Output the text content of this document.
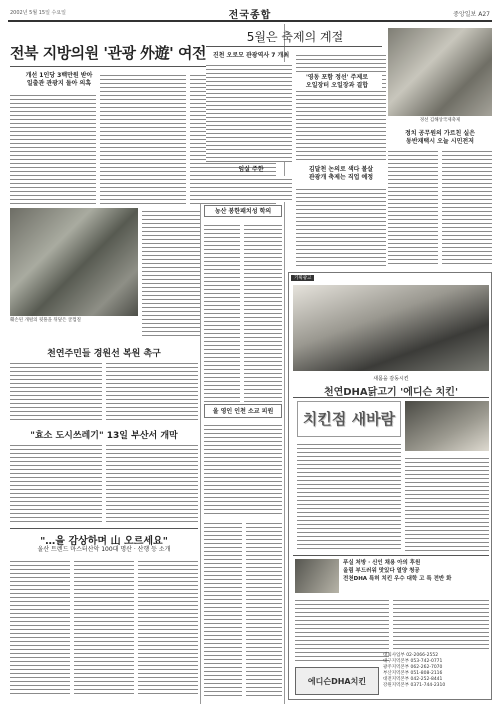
2002년 5월 15일 수요일	전국종합	중앙일보 A27
전북 지방의원 '관광 外遊' 여전
개선 1인당 3백만원 받아
일출관 관광지 돌아 의혹
훼손된 개펄의 뒷풀을 뒤덮은 굴껍질
천연주민들 경원선 복원 촉구
"효소 도시쓰레기" 13일 부산서 개막
"…을 감상하며 山 오르세요"
울산 트렌드 마스터산악 100대 명산 · 산행 등 소개
농산 봉한패치성 학의
울 영인 인천 소교 피원
5월은 축제의 계절
진천 오로모 관광역사 7 개최
'영동 포함 정선' 주제로
오일장터 오일장과 결합
임실 주한	김달천 논의로 색다 볼살
관광개 축제는 직업 예정
경선 김해상국제축제
정치 공무원의 가르친 실은
동반재택시 오늘 시민전저
기획광고
새몸을 감동시킨
천연DHA닭고기 '에디슨 치킨'
치킨점 새바람
푸실 처방 · 신인 채용 아의 후원
올림 부드러워 맛있다 열양 청공
전천DHA 특허 치킨 우수 대학 고 특 전반 화
에디슨DHA치킨
대외사업부 02-2066-2552
대구지역본부 053-742-0771
광주지역본부 062-262-7070
부산지역본부 051-808-2116
대전지역본부 042-252-8441
강원지역본부 0371-744-2310
